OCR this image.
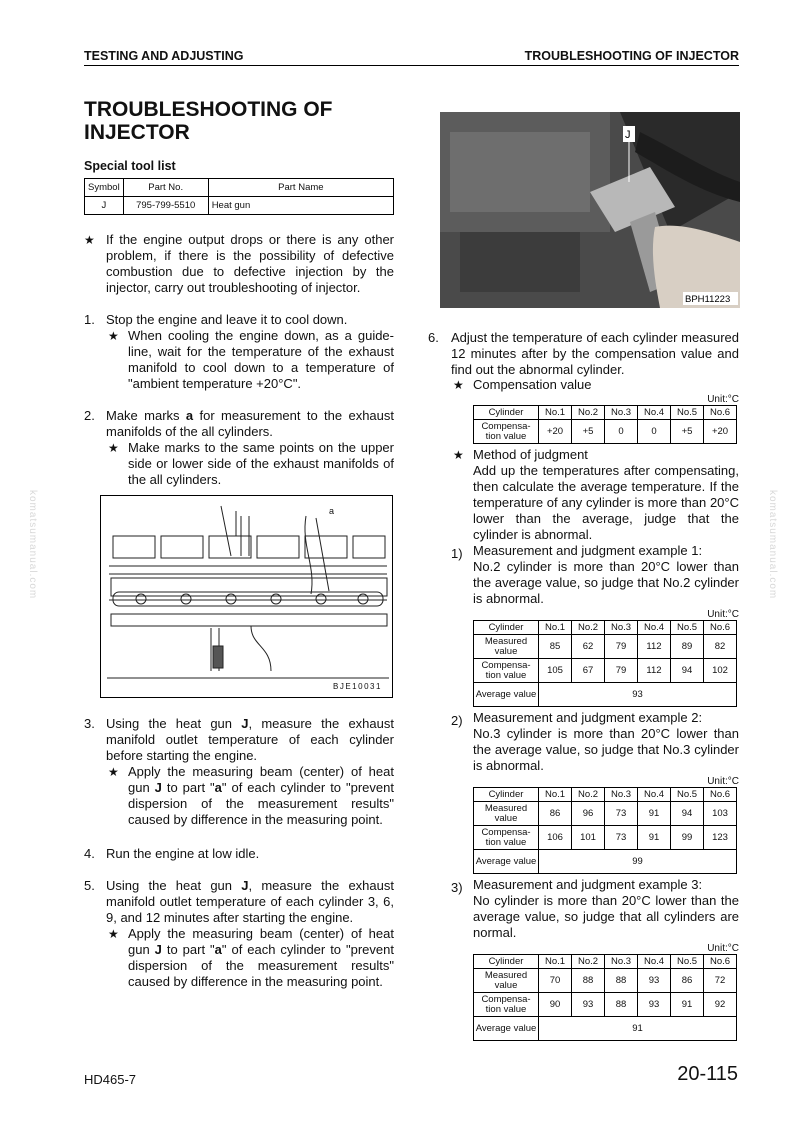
TESTING AND ADJUSTING	TROUBLESHOOTING OF INJECTOR
TROUBLESHOOTING OF
INJECTOR
Special tool list
Symbol	Part No.	Part Name
J	795-799-5510	Heat gun
★ If the engine output drops or there is any other problem, if there is the possibility of defective combustion due to defective injection by the injector, carry out troubleshooting of injector.
1. Stop the engine and leave it to cool down.
★ When cooling the engine down, as a guide-line, wait for the temperature of the exhaust manifold to cool down to a temperature of "ambient temperature +20°C".
2. Make marks a for measurement to the exhaust manifolds of the all cylinders.
★ Make marks to the same points on the upper side or lower side of the exhaust manifolds of the all cylinders.
a
BJE10031
3. Using the heat gun J, measure the exhaust manifold outlet temperature of each cylinder before starting the engine.
★ Apply the measuring beam (center) of heat gun J to part "a" of each cylinder to "prevent dispersion of the measurement results" caused by difference in the measuring point.
4. Run the engine at low idle.
5. Using the heat gun J, measure the exhaust manifold outlet temperature of each cylinder 3, 6, 9, and 12 minutes after starting the engine.
★ Apply the measuring beam (center) of heat gun J to part "a" of each cylinder to "prevent dispersion of the measurement results" caused by difference in the measuring point.
J
BPH11223
6. Adjust the temperature of each cylinder measured 12 minutes after by the compensation value and find out the abnormal cylinder.
★ Compensation value
Unit:°C
Cylinder	No.1	No.2	No.3	No.4	No.5	No.6
Compensa-tion value	+20	+5	0	0	+5	+20
★ Method of judgment
Add up the temperatures after compensating, then calculate the average temperature. If the temperature of any cylinder is more than 20°C lower than the average, judge that the cylinder is abnormal.
1) Measurement and judgment example 1:
No.2 cylinder is more than 20°C lower than the average value, so judge that No.2 cylinder is abnormal.
Unit:°C
Cylinder	No.1	No.2	No.3	No.4	No.5	No.6
Measured value	85	62	79	112	89	82
Compensa-tion value	105	67	79	112	94	102
Average value	93					
2) Measurement and judgment example 2:
No.3 cylinder is more than 20°C lower than the average value, so judge that No.3 cylinder is abnormal.
Unit:°C
Cylinder	No.1	No.2	No.3	No.4	No.5	No.6
Measured value	86	96	73	91	94	103
Compensa-tion value	106	101	73	91	99	123
Average value	99					
3) Measurement and judgment example 3:
No cylinder is more than 20°C lower than the average value, so judge that all cylinders are normal.
Unit:°C
Cylinder	No.1	No.2	No.3	No.4	No.5	No.6
Measured value	70	88	88	93	86	72
Compensa-tion value	90	93	88	93	91	92
Average value	91					
HD465-7	20-115
komatsumanual.com	komatsumanual.com
